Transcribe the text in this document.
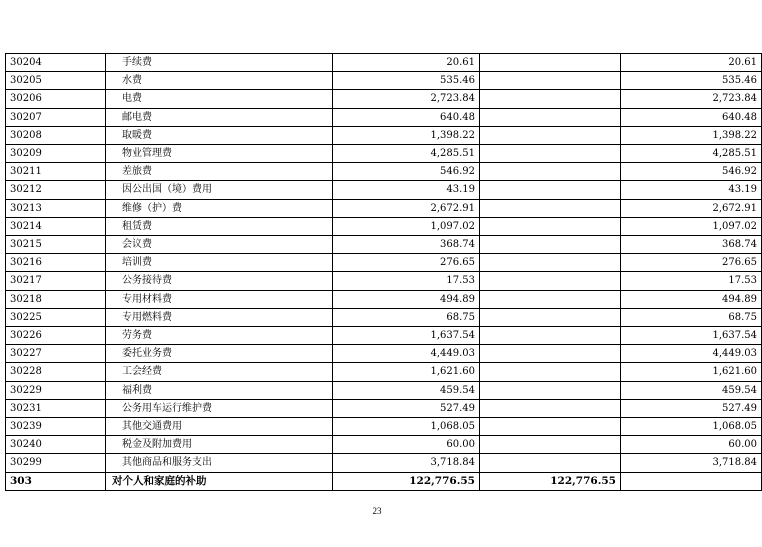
30204	手续费	20.61		20.61
30205	水费	535.46		535.46
30206	电费	2,723.84		2,723.84
30207	邮电费	640.48		640.48
30208	取暖费	1,398.22		1,398.22
30209	物业管理费	4,285.51		4,285.51
30211	差旅费	546.92		546.92
30212	因公出国（境）费用	43.19		43.19
30213	维修（护）费	2,672.91		2,672.91
30214	租赁费	1,097.02		1,097.02
30215	会议费	368.74		368.74
30216	培训费	276.65		276.65
30217	公务接待费	17.53		17.53
30218	专用材料费	494.89		494.89
30225	专用燃料费	68.75		68.75
30226	劳务费	1,637.54		1,637.54
30227	委托业务费	4,449.03		4,449.03
30228	工会经费	1,621.60		1,621.60
30229	福利费	459.54		459.54
30231	公务用车运行维护费	527.49		527.49
30239	其他交通费用	1,068.05		1,068.05
30240	税金及附加费用	60.00		60.00
30299	其他商品和服务支出	3,718.84		3,718.84
303	对个人和家庭的补助	122,776.55	122,776.55	
23
